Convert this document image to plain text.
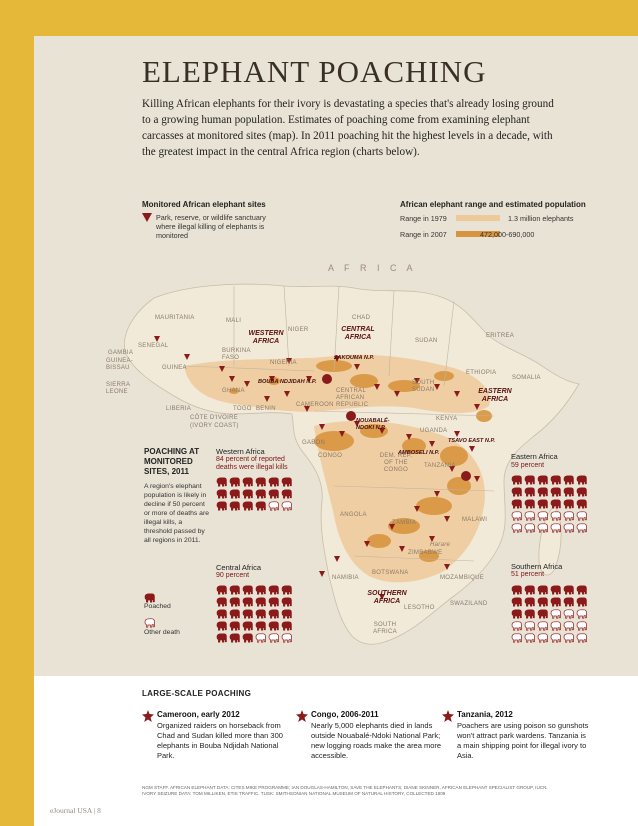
ELEPHANT POACHING
Killing African elephants for their ivory is devastating a species that's already losing ground to a growing human population. Estimates of poaching come from examining elephant carcasses at monitored sites (map). In 2011 poaching hit the highest levels in a decade, with the greatest impact in the central Africa region (charts below).
Monitored African elephant sites
Park, reserve, or wildlife sanctuary where illegal killing of elephants is monitored
African elephant range and estimated population
Range in 1979	1.3 million elephants
Range in 2007	472,000-690,000
A F R I C A
WESTERN AFRICA
CENTRAL AFRICA
EASTERN AFRICA
SOUTHERN AFRICA
MAURITANIA	MALI
NIGER
CHAD
SUDAN
ERITREA
SENEGAL
GAMBIA
GUINEA-BISSAU	GUINEA
BURKINA FASO
NIGERIA
ETHIOPIA
SOMALIA
SIERRA LEONE
LIBERIA
GHANA
TOGO BENIN
CÔTE D'IVOIRE (IVORY COAST)
CAMEROON
CENTRAL AFRICAN REPUBLIC
SOUTH SUDAN
KENYA
UGANDA
GABON
CONGO	DEM. REP. OF THE CONGO
TANZANIA
ANGOLA
ZAMBIA	MALAWI
ZIMBABWE
BOTSWANA
NAMIBIA	MOZAMBIQUE
SWAZILAND
LESOTHO
SOUTH AFRICA
ZAKOUMA N.P.
BOUBA NDJIDAH N.P.
NOUABALÉ-NDOKI N.P.
TSAVO EAST N.P.
AMBOSELI N.P.
Harare
POACHING AT MONITORED SITES, 2011
A region's elephant population is likely in decline if 50 percent or more of deaths are illegal kills, a threshold passed by all regions in 2011.
Poached
Other death
Western Africa
84 percent of reported deaths were illegal kills
Central Africa
90 percent
Eastern Africa
59 percent
Southern Africa
51 percent
LARGE-SCALE POACHING
Cameroon, early 2012
Organized raiders on horseback from Chad and Sudan killed more than 300 elephants in Bouba Ndjidah National Park.
Congo, 2006-2011
Nearly 5,000 elephants died in lands outside Nouabalé-Ndoki National Park; new logging roads make the area more accessible.
Tanzania, 2012
Poachers are using poison so gunshots won't attract park wardens. Tanzania is a main shipping point for illegal ivory to Asia.
NGM STAFF. AFRICAN ELEPHANT DATA: CITES MIKE PROGRAMME; IAN DOUGLAS-HAMILTON, SAVE THE ELEPHANTS; DIANE SKINNER, AFRICAN ELEPHANT SPECIALIST GROUP, IUCN. IVORY SEIZURE DATA: TOM MILLIKEN, ETIS TRAFFIC. TUSK: SMITHSONIAN NATIONAL MUSEUM OF NATURAL HISTORY, COLLECTED 1909
eJournal USA | 8
